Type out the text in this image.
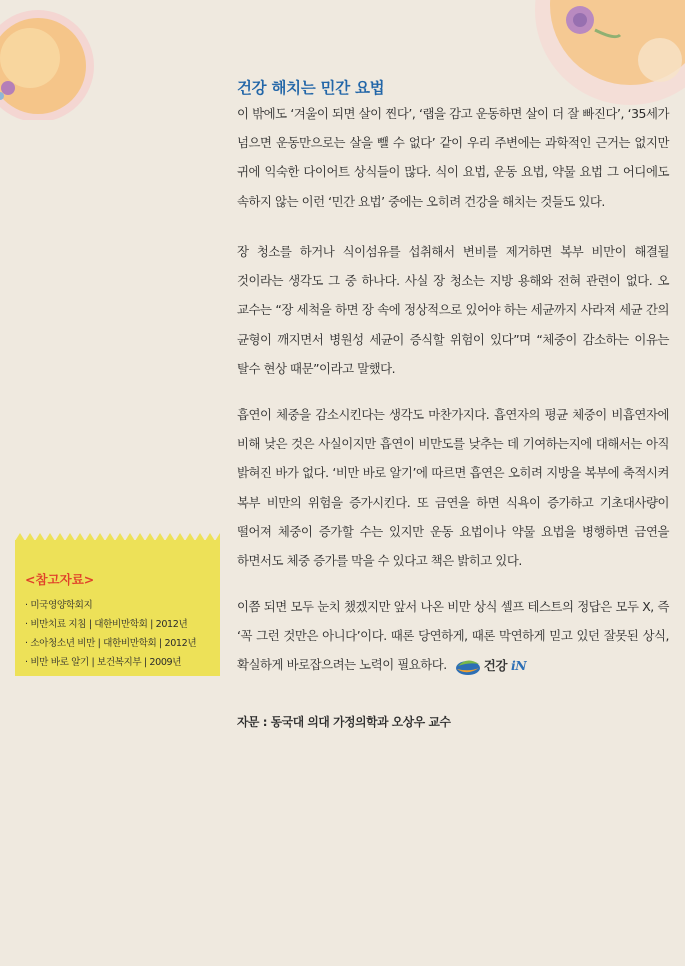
건강 해치는 민간 요법

이 밖에도 ‘겨울이 되면 살이 찐다’, ‘랩을 감고 운동하면 살이 더 잘 빠진다’, ‘35세가 넘으면 운동만으로는 살을 뺄 수 없다’ 같이 우리 주변에는 과학적인 근거는 없지만 귀에 익숙한 다이어트 상식들이 많다. 식이 요법, 운동 요법, 약물 요법 그 어디에도 속하지 않는 이런 ‘민간 요법’ 중에는 오히려 건강을 해치는 것들도 있다.

장 청소를 하거나 식이섬유를 섭취해서 변비를 제거하면 복부 비만이 해결될 것이라는 생각도 그 중 하나다. 사실 장 청소는 지방 용해와 전혀 관련이 없다. 오 교수는 “장 세척을 하면 장 속에 정상적으로 있어야 하는 세균까지 사라져 세균 간의 균형이 깨지면서 병원성 세균이 증식할 위험이 있다”며 “체중이 감소하는 이유는 탈수 현상 때문”이라고 말했다.

흡연이 체중을 감소시킨다는 생각도 마찬가지다. 흡연자의 평균 체중이 비흡연자에 비해 낮은 것은 사실이지만 흡연이 비만도를 낮추는 데 기여하는지에 대해서는 아직 밝혀진 바가 없다. ‘비만 바로 알기’에 따르면 흡연은 오히려 지방을 복부에 축적시켜 복부 비만의 위험을 증가시킨다. 또 금연을 하면 식욕이 증가하고 기초대사량이 떨어져 체중이 증가할 수는 있지만 운동 요법이나 약물 요법을 병행하면 금연을 하면서도 체중 증가를 막을 수 있다고 책은 밝히고 있다.

이쯤 되면 모두 눈치 챘겠지만 앞서 나온 비만 상식 셀프 테스트의 정답은 모두 X, 즉 ‘꼭 그런 것만은 아니다’이다. 때론 당연하게, 때론 막연하게 믿고 있던 잘못된 상식, 확실하게 바로잡으려는 노력이 필요하다.	건강 iN

자문 : 동국대 의대 가정의학과 오상우 교수

<참고자료>

· 미국영양학회지
· 비만치료 지침 | 대한비만학회 | 2012년
· 소아청소년 비만 | 대한비만학회 | 2012년
· 비만 바로 알기 | 보건복지부 | 2009년
